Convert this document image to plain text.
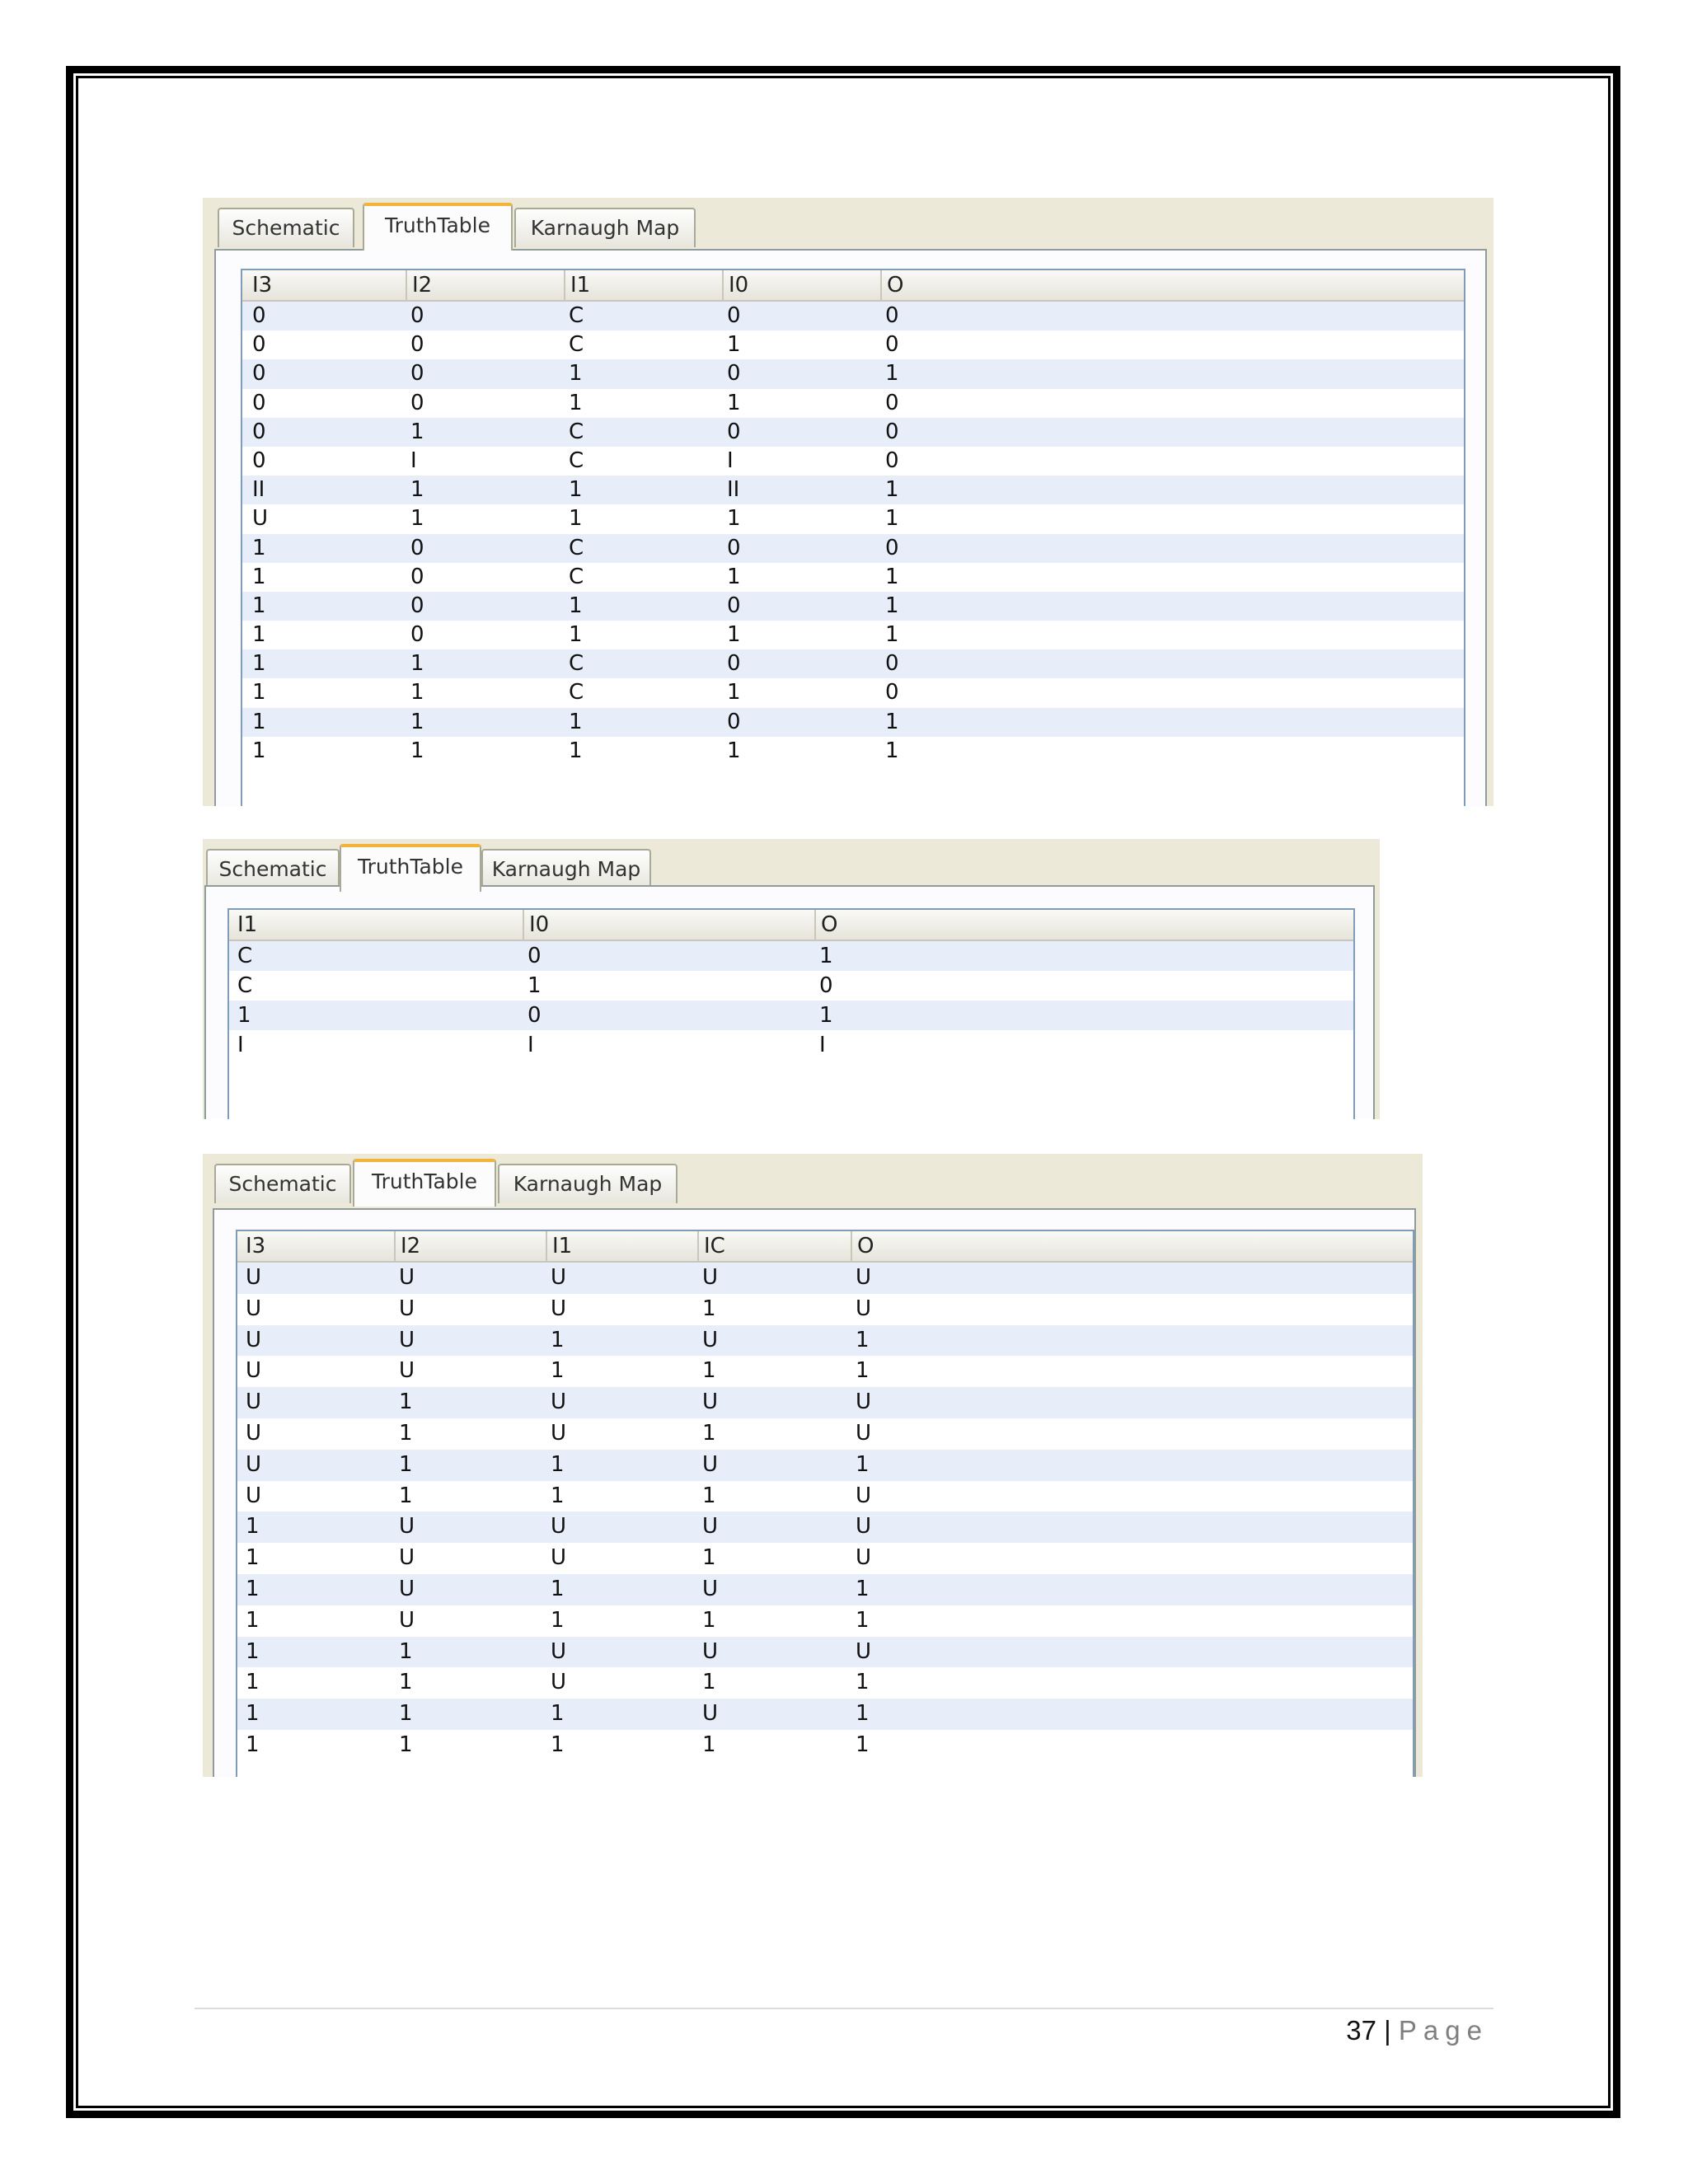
Schematic	TruthTable	Karnaugh Map
I3	I2	I1	I0	O
0	0	C	0	0
0	0	C	1	0
0	0	1	0	1
0	0	1	1	0
0	1	C	0	0
0	I	C	I	0
II	1	1	II	1
U	1	1	1	1
1	0	C	0	0
1	0	C	1	1
1	0	1	0	1
1	0	1	1	1
1	1	C	0	0
1	1	C	1	0
1	1	1	0	1
1	1	1	1	1
Schematic	TruthTable	Karnaugh Map
I1	I0	O
C	0	1
C	1	0
1	0	1
I	I	I
Schematic	TruthTable	Karnaugh Map
I3	I2	I1	IC	O
U	U	U	U	U
U	U	U	1	U
U	U	1	U	1
U	U	1	1	1
U	1	U	U	U
U	1	U	1	U
U	1	1	U	1
U	1	1	1	U
1	U	U	U	U
1	U	U	1	U
1	U	1	U	1
1	U	1	1	1
1	1	U	U	U
1	1	U	1	1
1	1	1	U	1
1	1	1	1	1
37 | Page
